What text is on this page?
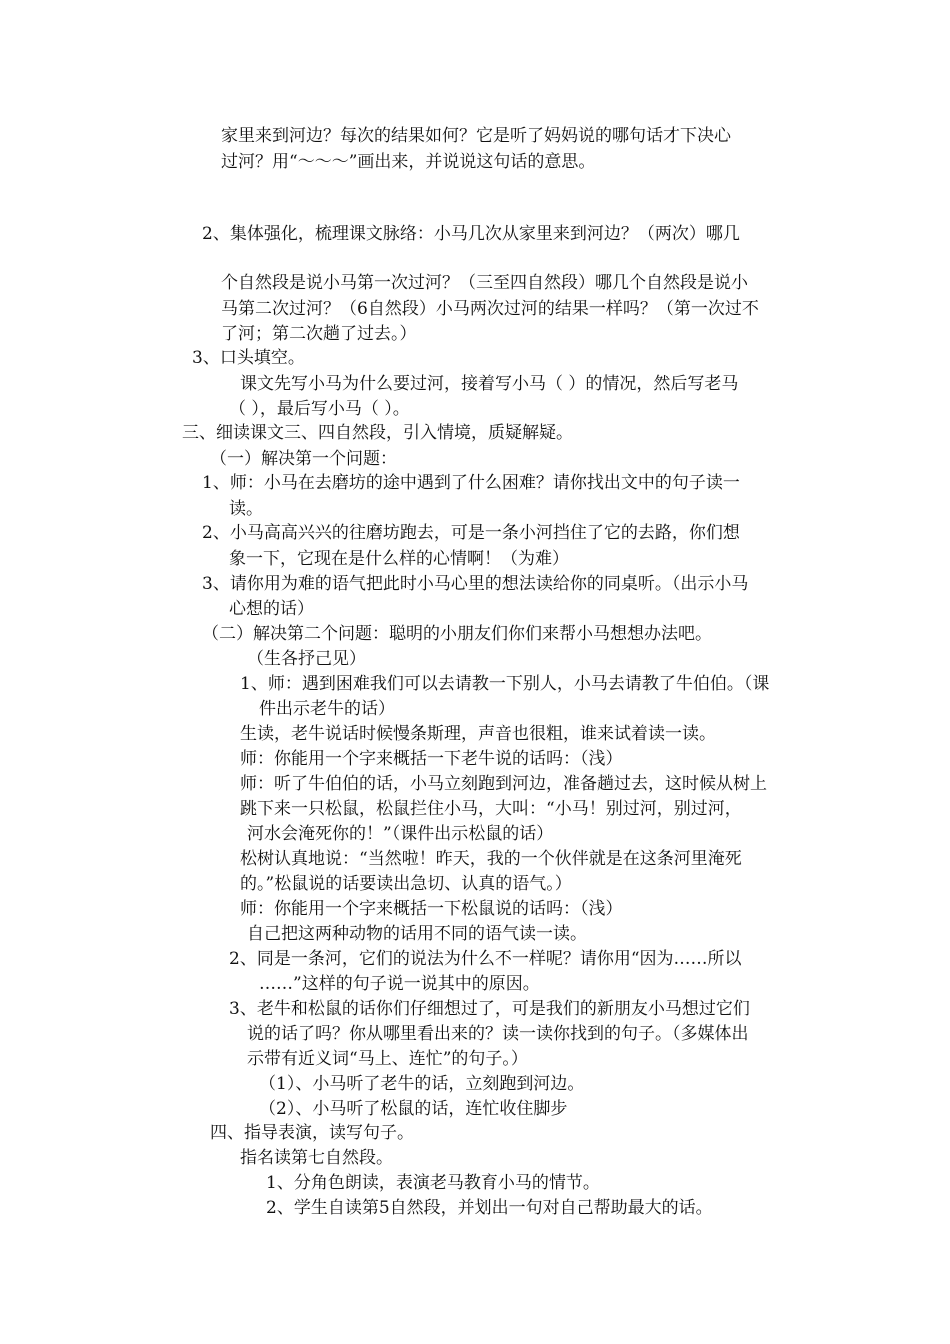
家里来到河边？每次的结果如何？它是听了妈妈说的哪句话才下决心

过河？用“～～～”画出来，并说说这句话的意思。

2、集体强化，梳理课文脉络：小马几次从家里来到河边？（两次）哪几

个自然段是说小马第一次过河？（三至四自然段）哪几个自然段是说小

马第二次过河？（6自然段）小马两次过河的结果一样吗？（第一次过不

了河；第二次趟了过去。）

3、口头填空。

课文先写小马为什么要过河，接着写小马（ ）的情况，然后写老马

（ ），最后写小马（ ）。

三、细读课文三、四自然段，引入情境，质疑解疑。

（一）解决第一个问题：

1、师：小马在去磨坊的途中遇到了什么困难？请你找出文中的句子读一

读。

2、小马高高兴兴的往磨坊跑去，可是一条小河挡住了它的去路，你们想

象一下，它现在是什么样的心情啊！（为难）

3、请你用为难的语气把此时小马心里的想法读给你的同桌听。（出示小马

心想的话）

（二）解决第二个问题：聪明的小朋友们你们来帮小马想想办法吧。

（生各抒己见）

1、师：遇到困难我们可以去请教一下别人，小马去请教了牛伯伯。（课

件出示老牛的话）

生读，老牛说话时候慢条斯理，声音也很粗，谁来试着读一读。

师：你能用一个字来概括一下老牛说的话吗：（浅）

师：听了牛伯伯的话，小马立刻跑到河边，准备趟过去，这时候从树上

跳下来一只松鼠，松鼠拦住小马，大叫：“小马！别过河，别过河，

河水会淹死你的！”（课件出示松鼠的话）

松树认真地说：“当然啦！昨天，我的一个伙伴就是在这条河里淹死

的。”松鼠说的话要读出急切、认真的语气。）

师：你能用一个字来概括一下松鼠说的话吗：（浅）

自己把这两种动物的话用不同的语气读一读。

2、同是一条河，它们的说法为什么不一样呢？请你用“因为……所以

……”这样的句子说一说其中的原因。

3、老牛和松鼠的话你们仔细想过了，可是我们的新朋友小马想过它们

说的话了吗？你从哪里看出来的？读一读你找到的句子。（多媒体出

示带有近义词“马上、连忙”的句子。）

（1）、小马听了老牛的话，立刻跑到河边。

（2）、小马听了松鼠的话，连忙收住脚步

四、指导表演，读写句子。

指名读第七自然段。

1、分角色朗读，表演老马教育小马的情节。

2、学生自读第5自然段，并划出一句对自己帮助最大的话。
